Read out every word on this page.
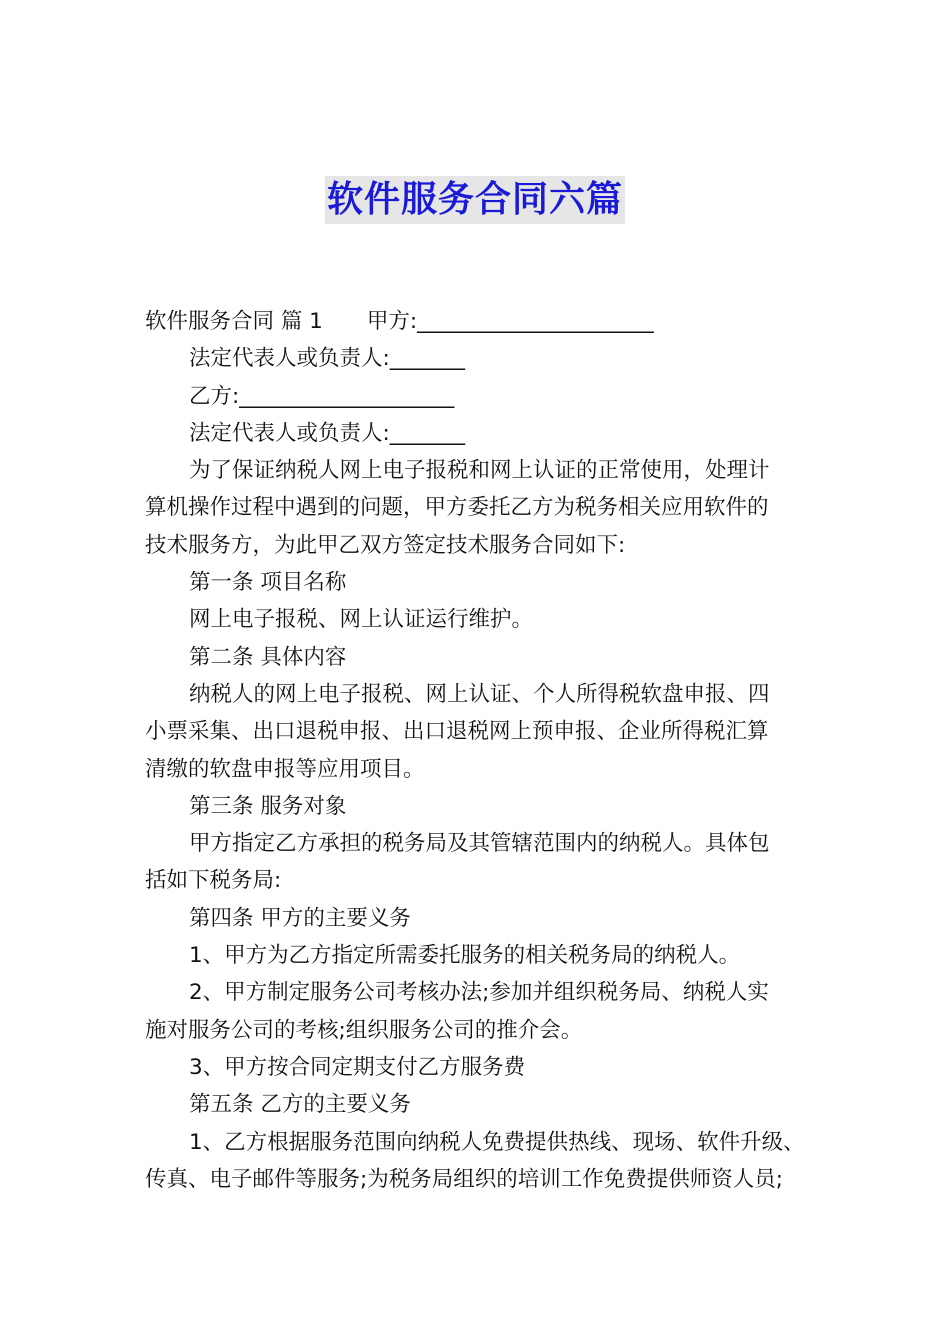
软件服务合同六篇
软件服务合同 篇 1 甲方:______________________
法定代表人或负责人:_______
乙方:____________________
法定代表人或负责人:_______
为了保证纳税人网上电子报税和网上认证的正常使用，处理计
算机操作过程中遇到的问题，甲方委托乙方为税务相关应用软件的
技术服务方，为此甲乙双方签定技术服务合同如下:
第一条 项目名称
网上电子报税、网上认证运行维护。
第二条 具体内容
纳税人的网上电子报税、网上认证、个人所得税软盘申报、四
小票采集、出口退税申报、出口退税网上预申报、企业所得税汇算
清缴的软盘申报等应用项目。
第三条 服务对象
甲方指定乙方承担的税务局及其管辖范围内的纳税人。具体包
括如下税务局:
第四条 甲方的主要义务
1、甲方为乙方指定所需委托服务的相关税务局的纳税人。
2、甲方制定服务公司考核办法;参加并组织税务局、纳税人实
施对服务公司的考核;组织服务公司的推介会。
3、甲方按合同定期支付乙方服务费
第五条 乙方的主要义务
1、乙方根据服务范围向纳税人免费提供热线、现场、软件升级、
传真、电子邮件等服务;为税务局组织的培训工作免费提供师资人员;
